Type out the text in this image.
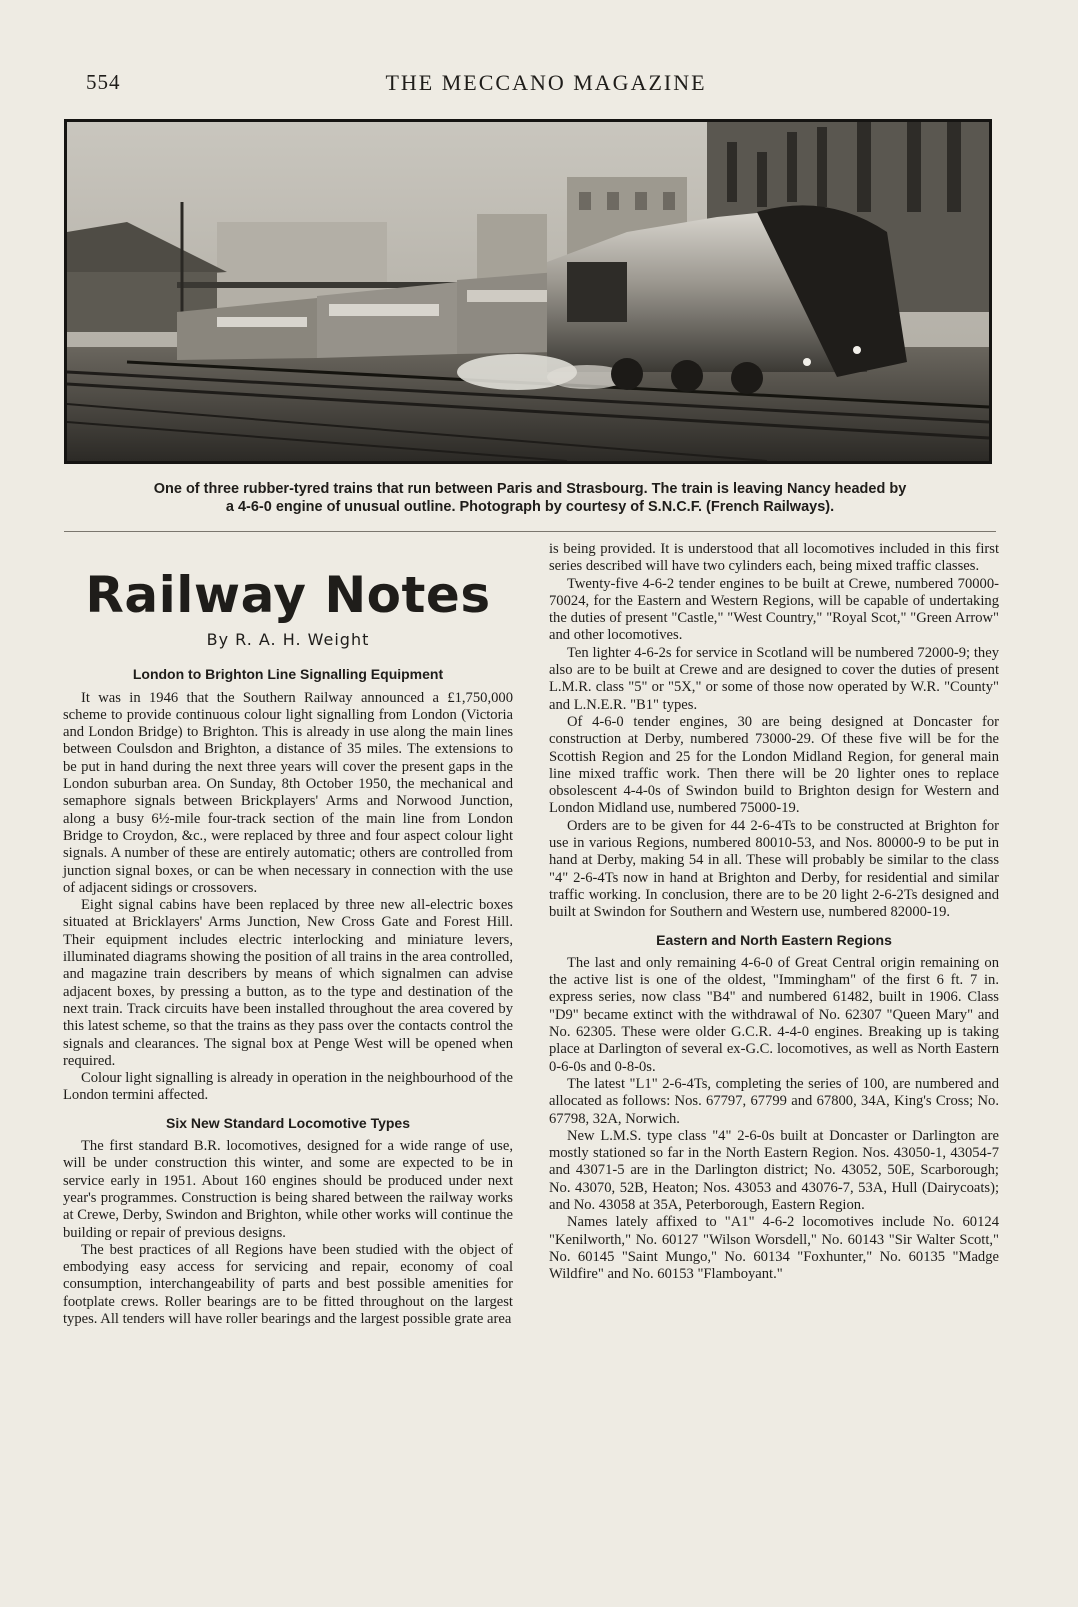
554	THE MECCANO MAGAZINE
One of three rubber-tyred trains that run between Paris and Strasbourg. The train is leaving Nancy headed by
a 4-6-0 engine of unusual outline. Photograph by courtesy of S.N.C.F. (French Railways).
Railway Notes
By R. A. H. Weight
London to Brighton Line Signalling Equipment

It was in 1946 that the Southern Railway announced a £1,750,000 scheme to provide continuous colour light signalling from London (Victoria and London Bridge) to Brighton. This is already in use along the main lines between Coulsdon and Brighton, a distance of 35 miles. The extensions to be put in hand during the next three years will cover the present gaps in the London suburban area. On Sunday, 8th October 1950, the mechanical and semaphore signals between Brickplayers' Arms and Norwood Junction, along a busy 6½-mile four-track section of the main line from London Bridge to Croydon, &c., were replaced by three and four aspect colour light signals. A number of these are entirely automatic; others are controlled from junction signal boxes, or can be when necessary in connection with the use of adjacent sidings or crossovers.

Eight signal cabins have been replaced by three new all-electric boxes situated at Bricklayers' Arms Junction, New Cross Gate and Forest Hill. Their equipment includes electric interlocking and miniature levers, illuminated diagrams showing the position of all trains in the area controlled, and magazine train describers by means of which signalmen can advise adjacent boxes, by pressing a button, as to the type and destination of the next train. Track circuits have been installed throughout the area covered by this latest scheme, so that the trains as they pass over the contacts control the signals and clearances. The signal box at Penge West will be opened when required.

Colour light signalling is already in operation in the neighbourhood of the London termini affected.

Six New Standard Locomotive Types

The first standard B.R. locomotives, designed for a wide range of use, will be under construction this winter, and some are expected to be in service early in 1951. About 160 engines should be produced under next year's programmes. Construction is being shared between the railway works at Crewe, Derby, Swindon and Brighton, while other works will continue the building or repair of previous designs.

The best practices of all Regions have been studied with the object of embodying easy access for servicing and repair, economy of coal consumption, interchangeability of parts and best possible amenities for footplate crews. Roller bearings are to be fitted throughout on the largest types. All tenders will have roller bearings and the largest possible grate area

is being provided. It is understood that all locomotives included in this first series described will have two cylinders each, being mixed traffic classes.

Twenty-five 4-6-2 tender engines to be built at Crewe, numbered 70000-70024, for the Eastern and Western Regions, will be capable of undertaking the duties of present "Castle," "West Country," "Royal Scot," "Green Arrow" and other locomotives.

Ten lighter 4-6-2s for service in Scotland will be numbered 72000-9; they also are to be built at Crewe and are designed to cover the duties of present L.M.R. class "5" or "5X," or some of those now operated by W.R. "County" and L.N.E.R. "B1" types.

Of 4-6-0 tender engines, 30 are being designed at Doncaster for construction at Derby, numbered 73000-29. Of these five will be for the Scottish Region and 25 for the London Midland Region, for general main line mixed traffic work. Then there will be 20 lighter ones to replace obsolescent 4-4-0s of Swindon build to Brighton design for Western and London Midland use, numbered 75000-19.

Orders are to be given for 44 2-6-4Ts to be constructed at Brighton for use in various Regions, numbered 80010-53, and Nos. 80000-9 to be put in hand at Derby, making 54 in all. These will probably be similar to the class "4" 2-6-4Ts now in hand at Brighton and Derby, for residential and similar traffic working. In conclusion, there are to be 20 light 2-6-2Ts designed and built at Swindon for Southern and Western use, numbered 82000-19.

Eastern and North Eastern Regions

The last and only remaining 4-6-0 of Great Central origin remaining on the active list is one of the oldest, "Immingham" of the first 6 ft. 7 in. express series, now class "B4" and numbered 61482, built in 1906. Class "D9" became extinct with the withdrawal of No. 62307 "Queen Mary" and No. 62305. These were older G.C.R. 4-4-0 engines. Breaking up is taking place at Darlington of several ex-G.C. locomotives, as well as North Eastern 0-6-0s and 0-8-0s.

The latest "L1" 2-6-4Ts, completing the series of 100, are numbered and allocated as follows: Nos. 67797, 67799 and 67800, 34A, King's Cross; No. 67798, 32A, Norwich.

New L.M.S. type class "4" 2-6-0s built at Doncaster or Darlington are mostly stationed so far in the North Eastern Region. Nos. 43050-1, 43054-7 and 43071-5 are in the Darlington district; No. 43052, 50E, Scarborough; No. 43070, 52B, Heaton; Nos. 43053 and 43076-7, 53A, Hull (Dairycoats); and No. 43058 at 35A, Peterborough, Eastern Region.

Names lately affixed to "A1" 4-6-2 locomotives include No. 60124 "Kenilworth," No. 60127 "Wilson Worsdell," No. 60143 "Sir Walter Scott," No. 60145 "Saint Mungo," No. 60134 "Foxhunter," No. 60135 "Madge Wildfire" and No. 60153 "Flamboyant."
